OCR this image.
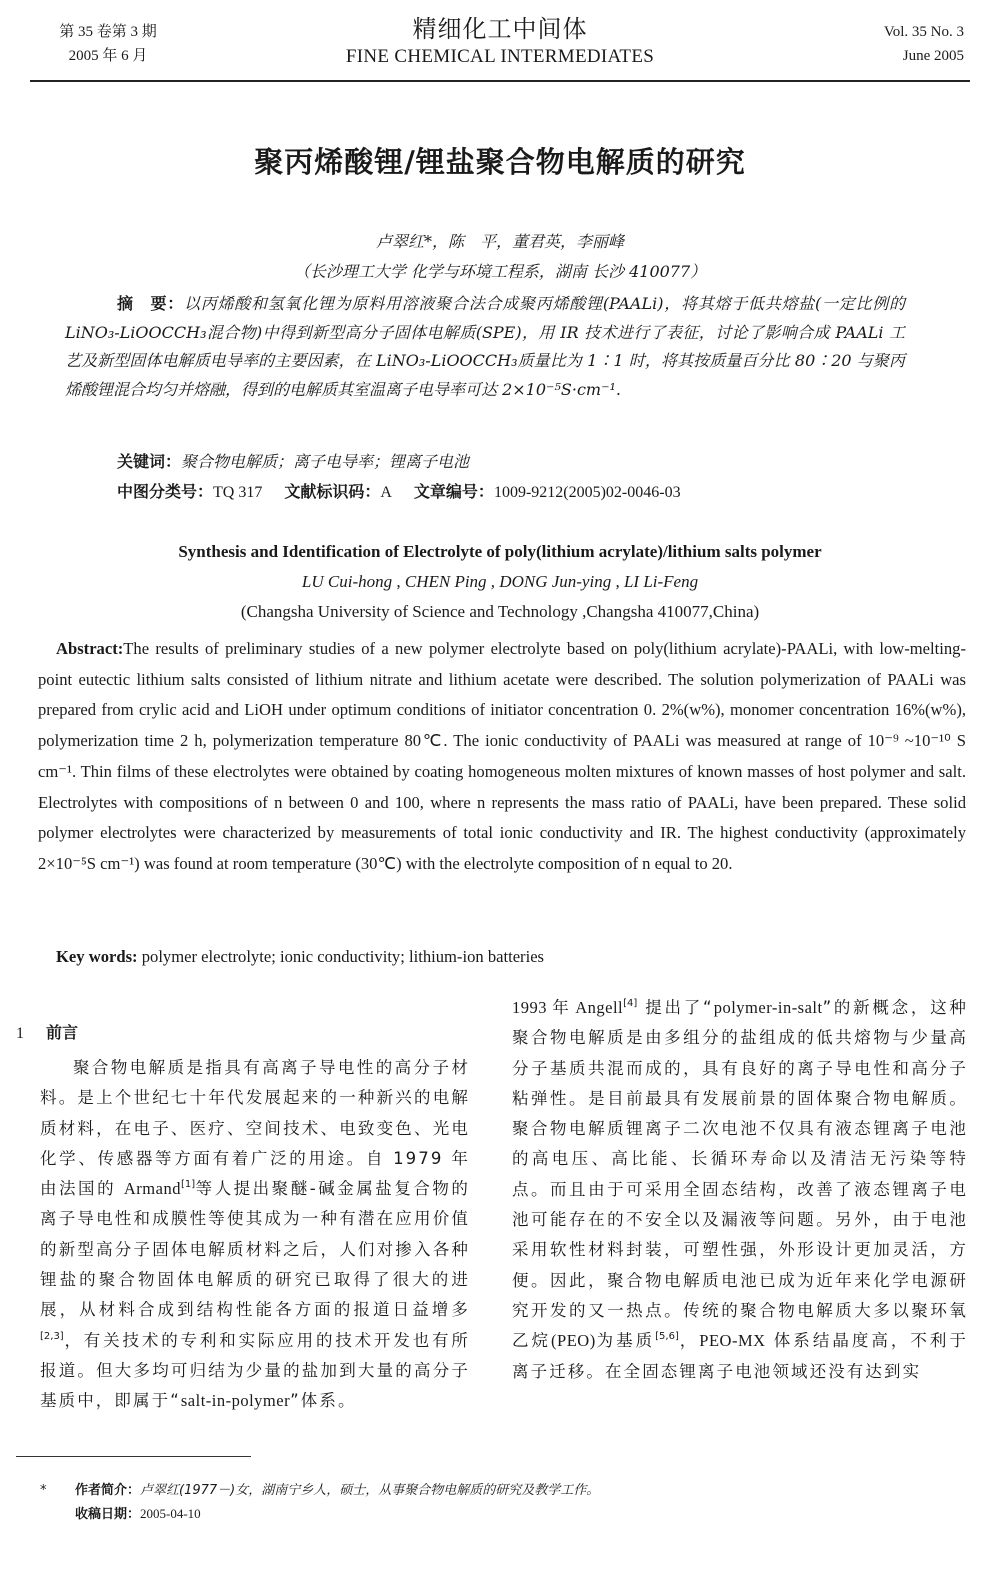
第 35 卷第 3 期
2005 年 6 月
精细化工中间体
FINE CHEMICAL INTERMEDIATES
Vol. 35 No. 3
June 2005
聚丙烯酸锂/锂盐聚合物电解质的研究
卢翠红*，陈　平，董君英，李丽峰
（长沙理工大学 化学与环境工程系，湖南 长沙 410077）
摘　要：以丙烯酸和氢氧化锂为原料用溶液聚合法合成聚丙烯酸锂(PAALi)，将其熔于低共熔盐(一定比例的 LiNO₃-LiOOCCH₃混合物)中得到新型高分子固体电解质(SPE)，用 IR 技术进行了表征，讨论了影响合成 PAALi 工艺及新型固体电解质电导率的主要因素，在 LiNO₃-LiOOCCH₃质量比为 1∶1 时，将其按质量百分比 80∶20 与聚丙烯酸锂混合均匀并熔融，得到的电解质其室温离子电导率可达 2×10⁻⁵S·cm⁻¹.
关键词：聚合物电解质；离子电导率；锂离子电池
中图分类号：TQ 317 文献标识码：A 文章编号：1009-9212(2005)02-0046-03
Synthesis and Identification of Electrolyte of poly(lithium acrylate)/lithium salts polymer
LU Cui-hong , CHEN Ping , DONG Jun-ying , LI Li-Feng
(Changsha University of Science and Technology ,Changsha 410077,China)
Abstract:The results of preliminary studies of a new polymer electrolyte based on poly(lithium acrylate)-PAALi, with low-melting-point eutectic lithium salts consisted of lithium nitrate and lithium acetate were described. The solution polymerization of PAALi was prepared from crylic acid and LiOH under optimum conditions of initiator concentration 0. 2%(w%), monomer concentration 16%(w%), polymerization time 2 h, polymerization temperature 80℃. The ionic conductivity of PAALi was measured at range of 10⁻⁹ ~10⁻¹⁰ S cm⁻¹. Thin films of these electrolytes were obtained by coating homogeneous molten mixtures of known masses of host polymer and salt. Electrolytes with compositions of n between 0 and 100, where n represents the mass ratio of PAALi, have been prepared. These solid polymer electrolytes were characterized by measurements of total ionic conductivity and IR. The highest conductivity (approximately 2×10⁻⁵S cm⁻¹) was found at room temperature (30℃) with the electrolyte composition of n equal to 20.
Key words: polymer electrolyte; ionic conductivity; lithium-ion batteries
1 前言
聚合物电解质是指具有高离子导电性的高分子材料。是上个世纪七十年代发展起来的一种新兴的电解质材料，在电子、医疗、空间技术、电致变色、光电化学、传感器等方面有着广泛的用途。自 1979 年由法国的 Armand[1]等人提出聚醚-碱金属盐复合物的离子导电性和成膜性等使其成为一种有潜在应用价值的新型高分子固体电解质材料之后，人们对掺入各种锂盐的聚合物固体电解质的研究已取得了很大的进展，从材料合成到结构性能各方面的报道日益增多[2,3]，有关技术的专利和实际应用的技术开发也有所报道。但大多均可归结为少量的盐加到大量的高分子基质中，即属于“salt-in-polymer”体系。
1993 年 Angell[4] 提出了“polymer-in-salt”的新概念，这种聚合物电解质是由多组分的盐组成的低共熔物与少量高分子基质共混而成的，具有良好的离子导电性和高分子粘弹性。是目前最具有发展前景的固体聚合物电解质。聚合物电解质锂离子二次电池不仅具有液态锂离子电池的高电压、高比能、长循环寿命以及清洁无污染等特点。而且由于可采用全固态结构，改善了液态锂离子电池可能存在的不安全以及漏液等问题。另外，由于电池采用软性材料封装，可塑性强，外形设计更加灵活，方便。因此，聚合物电解质电池已成为近年来化学电源研究开发的又一热点。传统的聚合物电解质大多以聚环氧乙烷(PEO)为基质[5,6]，PEO-MX 体系结晶度高，不利于离子迁移。在全固态锂离子电池领域还没有达到实
* 作者简介：卢翠红(1977－)女，湖南宁乡人，硕士，从事聚合物电解质的研究及教学工作。
收稿日期：2005-04-10
